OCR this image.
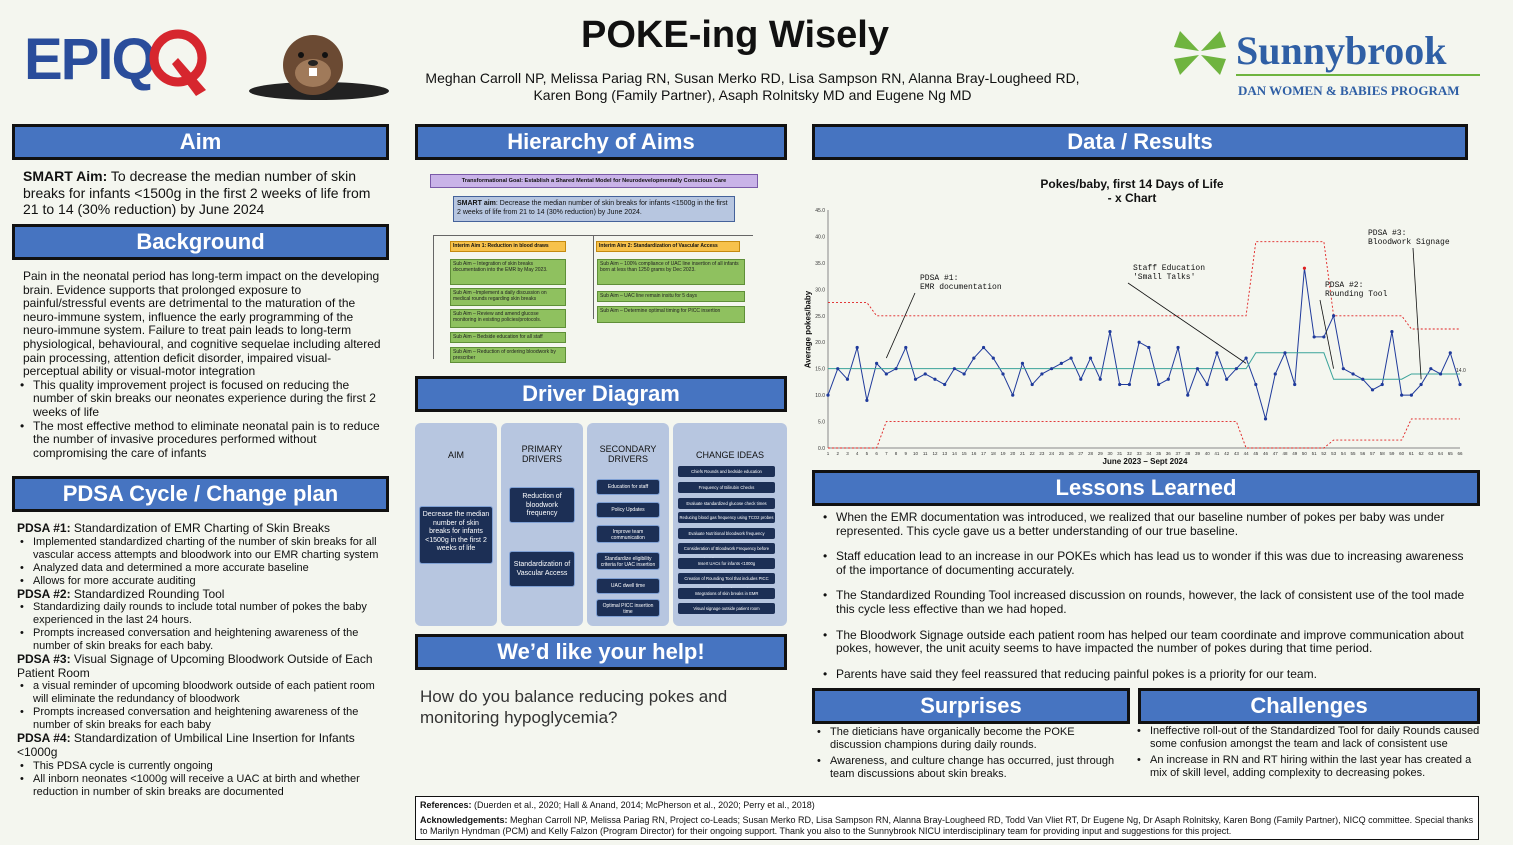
EPIQ	POKE-ing Wisely
Meghan Carroll NP, Melissa Pariag RN, Susan Merko RD, Lisa Sampson RN, Alanna Bray-Lougheed RD,
Karen Bong (Family Partner), Asaph Rolnitsky MD and Eugene Ng MD
Sunnybrook
DAN WOMEN & BABIES PROGRAM
Aim
SMART Aim: To decrease the median number of skin breaks for infants <1500g in the first 2 weeks of life from 21 to 14 (30% reduction) by June 2024
Background
Pain in the neonatal period has long-term impact on the developing brain. Evidence supports that prolonged exposure to painful/stressful events are detrimental to the maturation of the neuro-immune system, influence the early programming of the neuro-immune system. Failure to treat pain leads to long-term physiological, behavioural, and cognitive sequelae including altered pain processing, attention deficit disorder, impaired visual-perceptual ability or visual-motor integration
• This quality improvement project is focused on reducing the number of skin breaks our neonates experience during the first 2 weeks of life
• The most effective method to eliminate neonatal pain is to reduce the number of invasive procedures performed without compromising the care of infants
PDSA Cycle / Change plan
PDSA #1: Standardization of EMR Charting of Skin Breaks
• Implemented standardized charting of the number of skin breaks for all vascular access attempts and bloodwork into our EMR charting system
• Analyzed data and determined a more accurate baseline
• Allows for more accurate auditing
PDSA #2: Standardized Rounding Tool
• Standardizing daily rounds to include total number of pokes the baby experienced in the last 24 hours.
• Prompts increased conversation and heightening awareness of the number of skin breaks for each baby.
PDSA #3: Visual Signage of Upcoming Bloodwork Outside of Each Patient Room
• a visual reminder of upcoming bloodwork outside of each patient room will eliminate the redundancy of bloodwork
• Prompts increased conversation and heightening awareness of the number of skin breaks for each baby
PDSA #4: Standardization of Umbilical Line Insertion for Infants <1000g
• This PDSA cycle is currently ongoing
• All inborn neonates <1000g will receive a UAC at birth and whether reduction in number of skin breaks are documented
Hierarchy of Aims
Transformational Goal: Establish a Shared Mental Model for Neurodevelopmentally Conscious Care
SMART aim: Decrease the median number of skin breaks for infants <1500g in the first 2 weeks of life from 21 to 14 (30% reduction) by June 2024.
Interim Aim 1: Reduction in blood draws	Interim Aim 2: Standardization of Vascular Access
Sub Aim – Integration of skin breaks documentation into the EMR by May 2023.
Sub Aim –Implement a daily discussion on medical rounds regarding skin breaks
Sub Aim – Review and amend glucose monitoring in existing policies/protocols.
Sub Aim – Bedside education for all staff
Sub Aim – Reduction of ordering bloodwork by prescriber
Sub Aim – 100% compliance of UAC line insertion of all infants born at less than 1250 grams by Dec 2023.
Sub Aim – UAC line remain insitu for 5 days
Sub Aim – Determine optimal timing for PICC insertion
Driver Diagram
AIM
Decrease the median number of skin breaks for infants <1500g in the first 2 weeks of life
PRIMARY DRIVERS
Reduction of bloodwork frequency
Standardization of Vascular Access
SECONDARY DRIVERS
Education for staff
Policy Updates
Improve team communication
Standardize eligibility criteria for UAC insertion
UAC dwell time
Optimal PICC insertion time
CHANGE IDEAS
Chiefs Rounds and bedside education
Frequency of Bilirubin Checks
Evaluate standardized glucose check times
Reducing blood gas frequency using TCO2 probes
Evaluate Nutritional bloodwork frequency
Consideration of Bloodwork Frequency before
Insert UACs for infants <1000g
Creation of Rounding Tool that includes PICC
Integrations of skin breaks in EMR
Visual signage outside patient room
We’d like your help!
How do you balance reducing pokes and monitoring hypoglycemia?
Data / Results
Pokes/baby, first 14 Days of Life
- x Chart
Average pokes/baby
June 2023 – Sept 2024
0.0
5.0
10.0
15.0
20.0
25.0
30.0
35.0
40.0
45.0
1 2 3 4 5 6 7 8 9 10 11 12 13 14 15 16 17 18 19 20 21 22 23 24 25 26 27 28 29 30 31 32 33 34 35 36 37 38 39 40 41 42 43 44 45 46 47 48 49 50 51 52 53 54 55 56 57 58 59 60 61 62 63 64 65 66
14.0
PDSA #1:
EMR documentation
Staff Education
'Small Talks'
PDSA #2:
Rounding Tool
PDSA #3:
Bloodwork Signage
Lessons Learned
• When the EMR documentation was introduced, we realized that our baseline number of pokes per baby was under represented. This cycle gave us a better understanding of our true baseline.
• Staff education lead to an increase in our POKEs which has lead us to wonder if this was due to increasing awareness of the importance of documenting accurately.
• The Standardized Rounding Tool increased discussion on rounds, however, the lack of consistent use of the tool made this cycle less effective than we had hoped.
• The Bloodwork Signage outside each patient room has helped our team coordinate and improve communication about pokes, however, the unit acuity seems to have impacted the number of pokes during that time period.
• Parents have said they feel reassured that reducing painful pokes is a priority for our team.
Surprises
• The dieticians have organically become the POKE discussion champions during daily rounds.
• Awareness, and culture change has occurred, just through team discussions about skin breaks.
Challenges
• Ineffective roll-out of the Standardized Tool for daily Rounds caused some confusion amongst the team and lack of consistent use
• An increase in RN and RT hiring within the last year has created a mix of skill level, adding complexity to decreasing pokes.
References: (Duerden et al., 2020; Hall & Anand, 2014; McPherson et al., 2020; Perry et al., 2018)
Acknowledgements: Meghan Carroll NP, Melissa Pariag RN, Project co-Leads; Susan Merko RD, Lisa Sampson RN, Alanna Bray-Lougheed RD, Todd Van Vliet RT, Dr Eugene Ng, Dr Asaph Rolnitsky, Karen Bong (Family Partner), NICQ committee. Special thanks to Marilyn Hyndman (PCM) and Kelly Falzon (Program Director) for their ongoing support. Thank you also to the Sunnybrook NICU interdisciplinary team for providing input and suggestions for this project.
